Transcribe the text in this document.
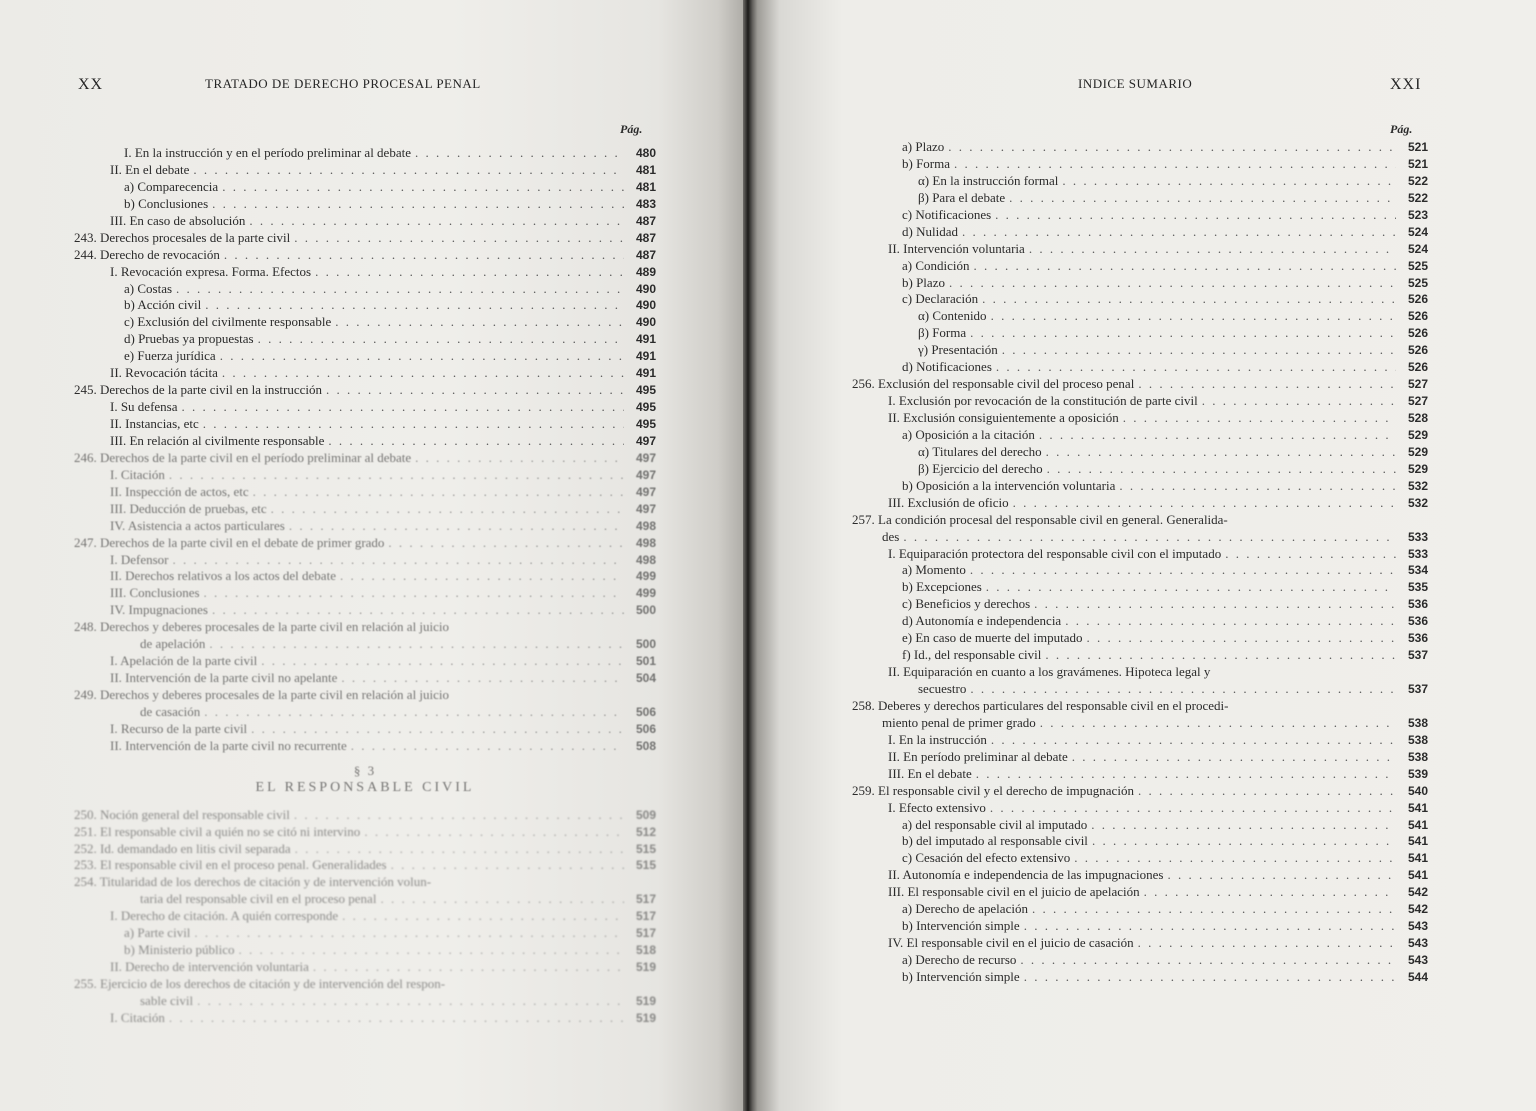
XX	TRATADO DE DERECHO PROCESAL PENAL
Pág.
I. En la instrucción y en el período preliminar al debate . . .	480
II. En el debate . . .	481
a) Comparecencia . . .	481
b) Conclusiones . . .	483
III. En caso de absolución . . .	487
243. Derechos procesales de la parte civil . . .	487
244. Derecho de revocación . . .	487
I. Revocación expresa. Forma. Efectos . . .	489
a) Costas . . .	490
b) Acción civil . . .	490
c) Exclusión del civilmente responsable . . .	490
d) Pruebas ya propuestas . . .	491
e) Fuerza jurídica . . .	491
II. Revocación tácita . . .	491
245. Derechos de la parte civil en la instrucción . . .	495
I. Su defensa . . .	495
II. Instancias, etc . . .	495
III. En relación al civilmente responsable . . .	497
246. Derechos de la parte civil en el período preliminar al debate . . .	497
I. Citación . . .	497
II. Inspección de actos, etc . . .	497
III. Deducción de pruebas, etc . . .	497
IV. Asistencia a actos particulares . . .	498
247. Derechos de la parte civil en el debate de primer grado . . .	498
I. Defensor . . .	498
II. Derechos relativos a los actos del debate . . .	499
III. Conclusiones . . .	499
IV. Impugnaciones . . .	500
248. Derechos y deberes procesales de la parte civil en relación al juicio
de apelación . . .	500
I. Apelación de la parte civil . . .	501
II. Intervención de la parte civil no apelante . . .	504
249. Derechos y deberes procesales de la parte civil en relación al juicio
de casación . . .	506
I. Recurso de la parte civil . . .	506
II. Intervención de la parte civil no recurrente . . .	508
§ 3
EL RESPONSABLE CIVIL
250. Noción general del responsable civil . . .	509
251. El responsable civil a quién no se citó ni intervino . . .	512
252. Id. demandado en litis civil separada . . .	515
253. El responsable civil en el proceso penal. Generalidades . . .	515
254. Titularidad de los derechos de citación y de intervención volun-
taria del responsable civil en el proceso penal . . .	517
I. Derecho de citación. A quién corresponde . . .	517
a) Parte civil . . .	517
b) Ministerio público . . .	518
II. Derecho de intervención voluntaria . . .	519
255. Ejercicio de los derechos de citación y de intervención del respon-
sable civil . . .	519
I. Citación . . .	519
INDICE SUMARIO	XXI
Pág.
a) Plazo . . .	521
b) Forma . . .	521
α) En la instrucción formal . . .	522
β) Para el debate . . .	522
c) Notificaciones . . .	523
d) Nulidad . . .	524
II. Intervención voluntaria . . .	524
a) Condición . . .	525
b) Plazo . . .	525
c) Declaración . . .	526
α) Contenido . . .	526
β) Forma . . .	526
γ) Presentación . . .	526
d) Notificaciones . . .	526
256. Exclusión del responsable civil del proceso penal . . .	527
I. Exclusión por revocación de la constitución de parte civil . . .	527
II. Exclusión consiguientemente a oposición . . .	528
a) Oposición a la citación . . .	529
α) Titulares del derecho . . .	529
β) Ejercicio del derecho . . .	529
b) Oposición a la intervención voluntaria . . .	532
III. Exclusión de oficio . . .	532
257. La condición procesal del responsable civil en general. Generalida-
des . . .	533
I. Equiparación protectora del responsable civil con el imputado . . .	533
a) Momento . . .	534
b) Excepciones . . .	535
c) Beneficios y derechos . . .	536
d) Autonomía e independencia . . .	536
e) En caso de muerte del imputado . . .	536
f) Id., del responsable civil . . .	537
II. Equiparación en cuanto a los gravámenes. Hipoteca legal y
secuestro . . .	537
258. Deberes y derechos particulares del responsable civil en el procedi-
miento penal de primer grado . . .	538
I. En la instrucción . . .	538
II. En período preliminar al debate . . .	538
III. En el debate . . .	539
259. El responsable civil y el derecho de impugnación . . .	540
I. Efecto extensivo . . .	541
a) del responsable civil al imputado . . .	541
b) del imputado al responsable civil . . .	541
c) Cesación del efecto extensivo . . .	541
II. Autonomía e independencia de las impugnaciones . . .	541
III. El responsable civil en el juicio de apelación . . .	542
a) Derecho de apelación . . .	542
b) Intervención simple . . .	543
IV. El responsable civil en el juicio de casación . . .	543
a) Derecho de recurso . . .	543
b) Intervención simple . . .	544
